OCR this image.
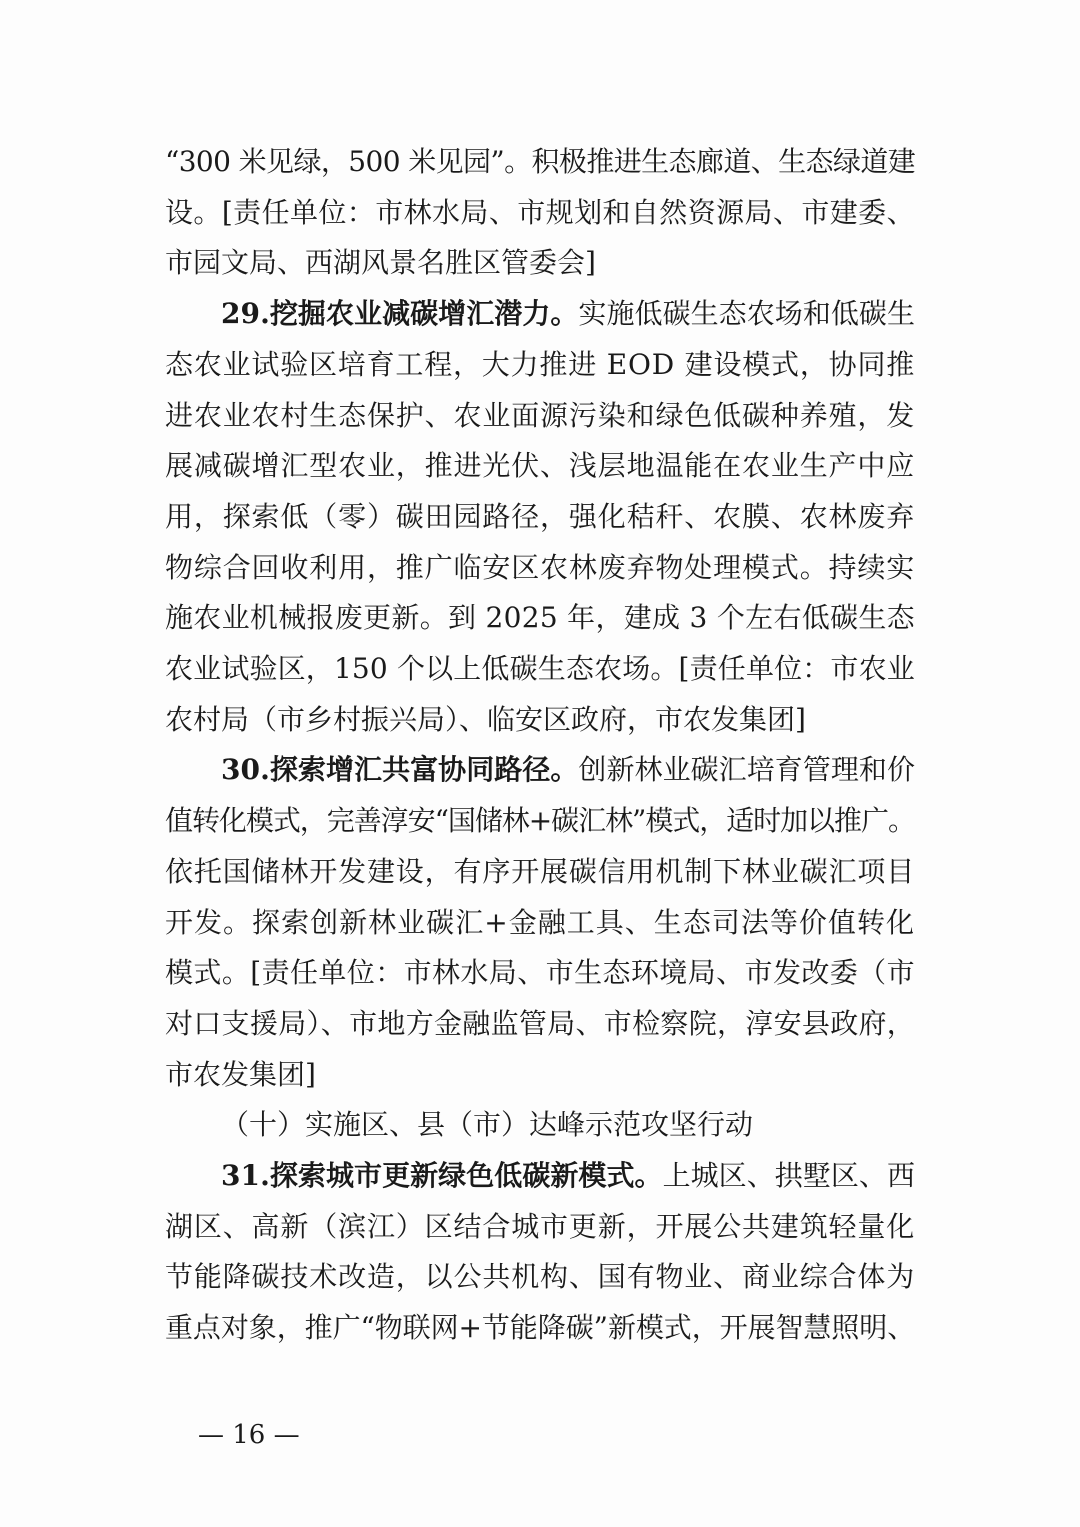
“300 米见绿，500 米见园”。积极推进生态廊道、生态绿道建
设。[责任单位：市林水局、市规划和自然资源局、市建委、
市园文局、西湖风景名胜区管委会]
29.挖掘农业减碳增汇潜力。实施低碳生态农场和低碳生
态农业试验区培育工程，大力推进 EOD 建设模式，协同推
进农业农村生态保护、农业面源污染和绿色低碳种养殖，发
展减碳增汇型农业，推进光伏、浅层地温能在农业生产中应
用，探索低（零）碳田园路径，强化秸秆、农膜、农林废弃
物综合回收利用，推广临安区农林废弃物处理模式。持续实
施农业机械报废更新。到 2025 年，建成 3 个左右低碳生态
农业试验区，150 个以上低碳生态农场。[责任单位：市农业
农村局（市乡村振兴局）、临安区政府，市农发集团]
30.探索增汇共富协同路径。创新林业碳汇培育管理和价
值转化模式，完善淳安“国储林+碳汇林”模式，适时加以推广。
依托国储林开发建设，有序开展碳信用机制下林业碳汇项目
开发。探索创新林业碳汇+金融工具、生态司法等价值转化
模式。[责任单位：市林水局、市生态环境局、市发改委（市
对口支援局）、市地方金融监管局、市检察院，淳安县政府，
市农发集团]
（十）实施区、县（市）达峰示范攻坚行动
31.探索城市更新绿色低碳新模式。上城区、拱墅区、西
湖区、高新（滨江）区结合城市更新，开展公共建筑轻量化
节能降碳技术改造，以公共机构、国有物业、商业综合体为
重点对象，推广“物联网+节能降碳”新模式，开展智慧照明、
— 16 —
